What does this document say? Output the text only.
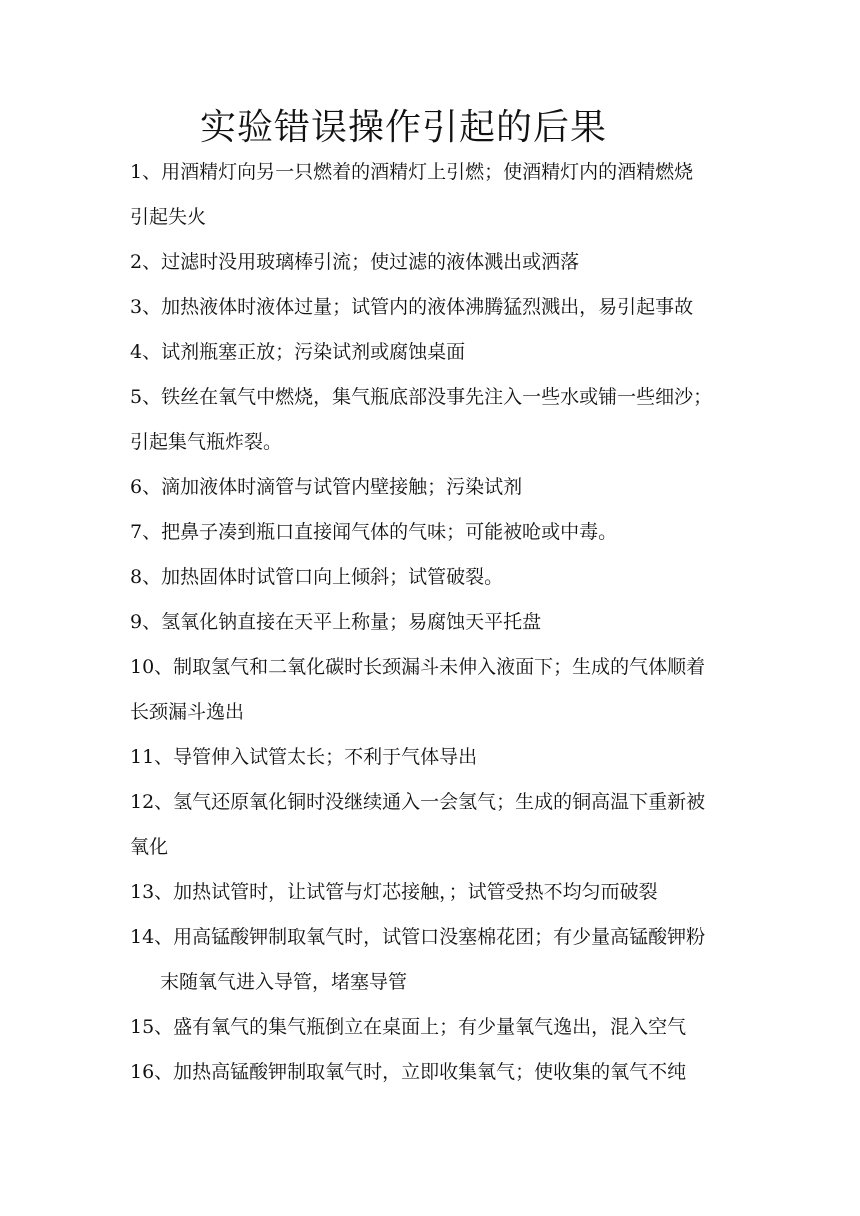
实验错误操作引起的后果
1、用酒精灯向另一只燃着的酒精灯上引燃；使酒精灯内的酒精燃烧
引起失火
2、过滤时没用玻璃棒引流；使过滤的液体溅出或洒落
3、加热液体时液体过量；试管内的液体沸腾猛烈溅出，易引起事故
4、试剂瓶塞正放；污染试剂或腐蚀桌面
5、铁丝在氧气中燃烧，集气瓶底部没事先注入一些水或铺一些细沙；
引起集气瓶炸裂。
6、滴加液体时滴管与试管内壁接触；污染试剂
7、把鼻子凑到瓶口直接闻气体的气味；可能被呛或中毒。
8、加热固体时试管口向上倾斜；试管破裂。
9、氢氧化钠直接在天平上称量；易腐蚀天平托盘
10、制取氢气和二氧化碳时长颈漏斗未伸入液面下；生成的气体顺着
长颈漏斗逸出
11、导管伸入试管太长；不利于气体导出
12、氢气还原氧化铜时没继续通入一会氢气；生成的铜高温下重新被
氧化
13、加热试管时，让试管与灯芯接触，；试管受热不均匀而破裂
14、用高锰酸钾制取氧气时，试管口没塞棉花团；有少量高锰酸钾粉
末随氧气进入导管，堵塞导管
15、盛有氧气的集气瓶倒立在桌面上；有少量氧气逸出，混入空气
16、加热高锰酸钾制取氧气时，立即收集氧气；使收集的氧气不纯
